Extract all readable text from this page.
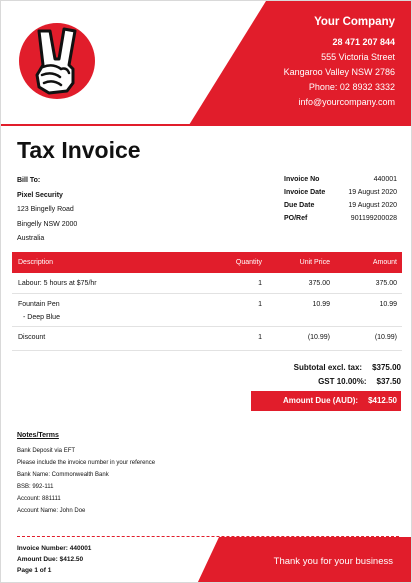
Your Company
28 471 207 844
555 Victoria Street
Kangaroo Valley NSW 2786
Phone: 02 8932 3332
info@yourcompany.com
Tax Invoice
Bill To:
Pixel Security
123 Bingelly Road
Bingelly NSW 2000
Australia
Invoice No	440001
Invoice Date	19 August 2020
Due Date	19 August 2020
PO/Ref	901199200028
Description	Quantity	Unit Price	Amount
Labour: 5 hours at $75/hr	1	375.00	375.00
Fountain Pen
- Deep Blue
1	10.99	10.99
Discount	1	(10.99)	(10.99)
Subtotal excl. tax:	$375.00
GST 10.00%:	$37.50
Amount Due (AUD):	$412.50
Notes/Terms
Bank Deposit via EFT
Please include the invoice number in your reference
Bank Name: Commonwealth Bank
BSB: 992-111
Account: 881111
Account Name: John Doe
Invoice Number: 440001
Amount Due: $412.50
Page 1 of 1
Thank you for your business
